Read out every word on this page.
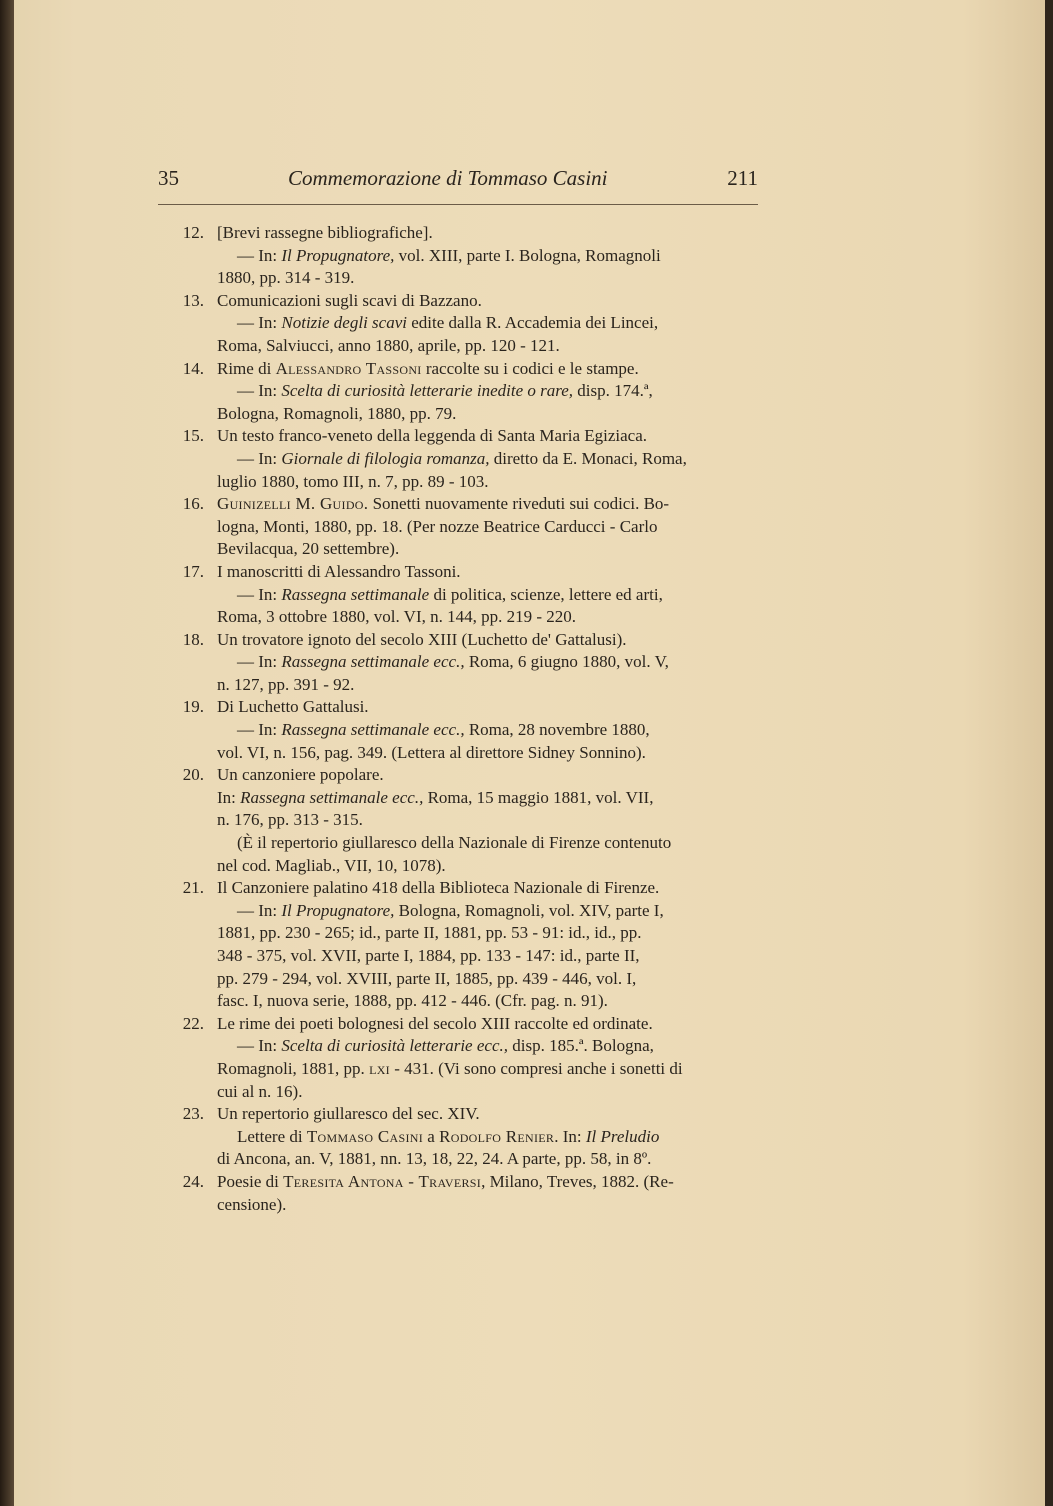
35	Commemorazione di Tommaso Casini	211
12. [Brevi rassegne bibliografiche].
— In: Il Propugnatore, vol. XIII, parte I. Bologna, Romagnoli
1880, pp. 314 - 319.
13. Comunicazioni sugli scavi di Bazzano.
— In: Notizie degli scavi edite dalla R. Accademia dei Lincei,
Roma, Salviucci, anno 1880, aprile, pp. 120 - 121.
14. Rime di Alessandro Tassoni raccolte su i codici e le stampe.
— In: Scelta di curiosità letterarie inedite o rare, disp. 174.ª,
Bologna, Romagnoli, 1880, pp. 79.
15. Un testo franco-veneto della leggenda di Santa Maria Egiziaca.
— In: Giornale di filologia romanza, diretto da E. Monaci, Roma,
luglio 1880, tomo III, n. 7, pp. 89 - 103.
16. Guinizelli M. Guido. Sonetti nuovamente riveduti sui codici. Bo-
logna, Monti, 1880, pp. 18. (Per nozze Beatrice Carducci - Carlo
Bevilacqua, 20 settembre).
17. I manoscritti di Alessandro Tassoni.
— In: Rassegna settimanale di politica, scienze, lettere ed arti,
Roma, 3 ottobre 1880, vol. VI, n. 144, pp. 219 - 220.
18. Un trovatore ignoto del secolo XIII (Luchetto de' Gattalusi).
— In: Rassegna settimanale ecc., Roma, 6 giugno 1880, vol. V,
n. 127, pp. 391 - 92.
19. Di Luchetto Gattalusi.
— In: Rassegna settimanale ecc., Roma, 28 novembre 1880,
vol. VI, n. 156, pag. 349. (Lettera al direttore Sidney Sonnino).
20. Un canzoniere popolare.
In: Rassegna settimanale ecc., Roma, 15 maggio 1881, vol. VII,
n. 176, pp. 313 - 315.
(È il repertorio giullaresco della Nazionale di Firenze contenuto
nel cod. Magliab., VII, 10, 1078).
21. Il Canzoniere palatino 418 della Biblioteca Nazionale di Firenze.
— In: Il Propugnatore, Bologna, Romagnoli, vol. XIV, parte I,
1881, pp. 230 - 265; id., parte II, 1881, pp. 53 - 91: id., id., pp.
348 - 375, vol. XVII, parte I, 1884, pp. 133 - 147: id., parte II,
pp. 279 - 294, vol. XVIII, parte II, 1885, pp. 439 - 446, vol. I,
fasc. I, nuova serie, 1888, pp. 412 - 446. (Cfr. pag. n. 91).
22. Le rime dei poeti bolognesi del secolo XIII raccolte ed ordinate.
— In: Scelta di curiosità letterarie ecc., disp. 185.ª. Bologna,
Romagnoli, 1881, pp. lxi - 431. (Vi sono compresi anche i sonetti di
cui al n. 16).
23. Un repertorio giullaresco del sec. XIV.
Lettere di Tommaso Casini a Rodolfo Renier. In: Il Preludio
di Ancona, an. V, 1881, nn. 13, 18, 22, 24. A parte, pp. 58, in 8º.
24. Poesie di Teresita Antona - Traversi, Milano, Treves, 1882. (Re-
censione).
